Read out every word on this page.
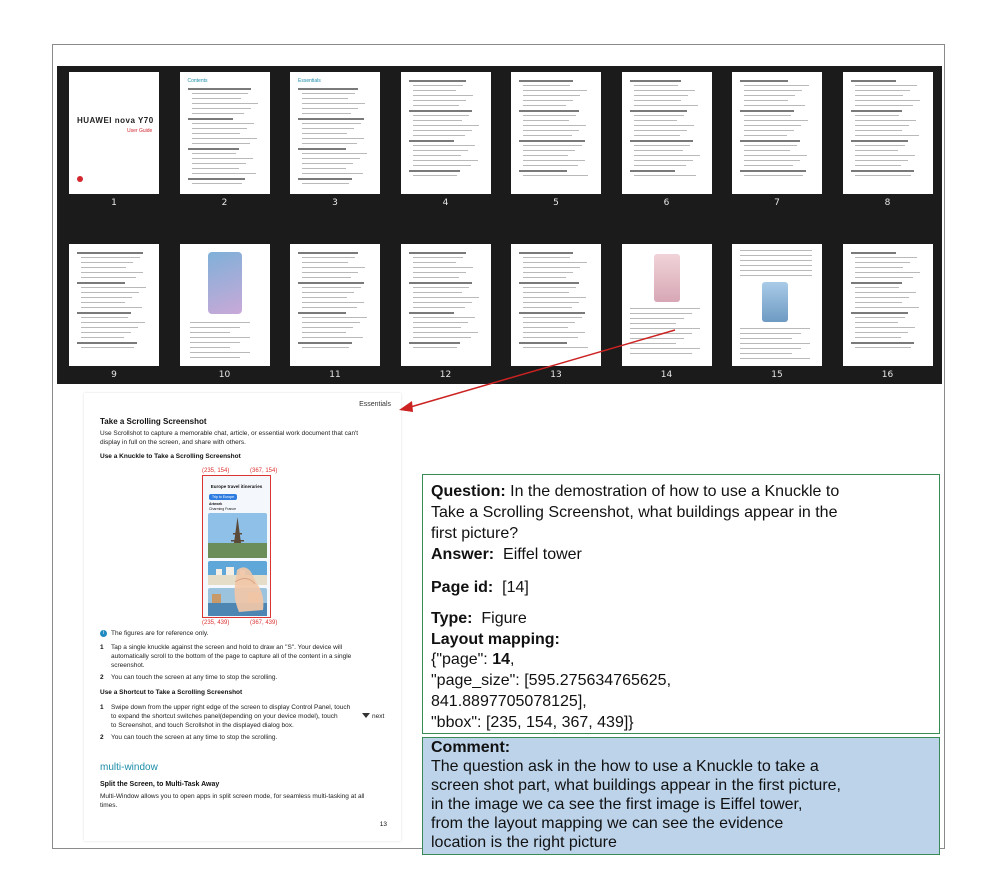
HUAWEI nova Y70
User Guide
1
Contents
2
Essentials
3	4	5	6	7	8
9	10	11	12	13	14	15	16
Essentials
Take a Scrolling Screenshot
Use Scrollshot to capture a memorable chat, article, or essential work document that can't
display in full on the screen, and share with others.
Use a Knuckle to Take a Scrolling Screenshot
(235, 154)	(367, 154)
Europe travel itineraries
Trip to Europe
Artwork
Charming France
(235, 439)	(367, 439)
i	The figures are for reference only.
1 Tap a single knuckle against the screen and hold to draw an "S". Your device will
automatically scroll to the bottom of the page to capture all of the content in a single
screenshot.
2 You can touch the screen at any time to stop the scrolling.
Use a Shortcut to Take a Scrolling Screenshot
1 Swipe down from the upper right edge of the screen to display Control Panel, touch
to expand the shortcut switches panel(depending on your device model), touch	next
to Screenshot, and touch Scrollshot in the displayed dialog box.
2 You can touch the screen at any time to stop the scrolling.
multi-window
Split the Screen, to Multi-Task Away
Multi-Window allows you to open apps in split screen mode, for seamless multi-tasking at all
times.
13
Question: In the demostration of how to use a Knuckle to
Take a Scrolling Screenshot, what buildings appear in the
first picture?
Answer: Eiffel tower
Page id: [14]
Type: Figure
Layout mapping:
{"page": 14,
"page_size": [595.275634765625,
841.8897705078125],
"bbox": [235, 154, 367, 439]}
Comment:
The question ask in the how to use a Knuckle to take a
screen shot part, what buildings appear in the first picture,
in the image we ca see the first image is Eiffel tower,
from the layout mapping we can see the evidence
location is the right picture
